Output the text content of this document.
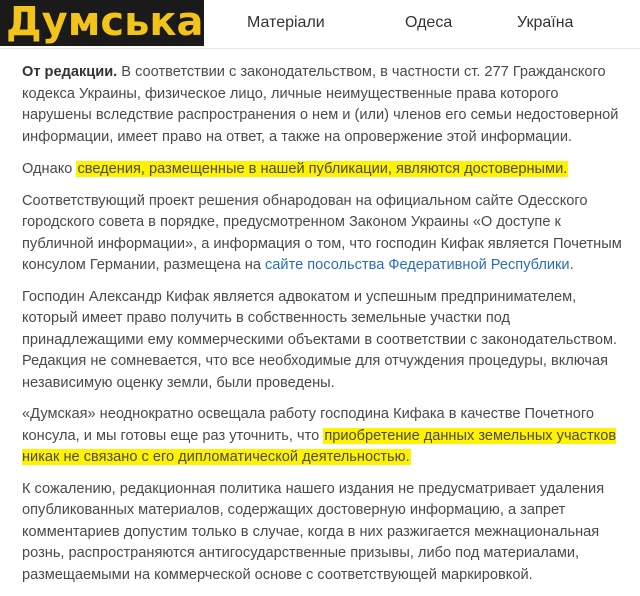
Думська	Матеріали	Одеса	Україна

От редакции. В соответствии с законодательством, в частности ст. 277 Гражданского кодекса Украины, физическое лицо, личные неимущественные права которого нарушены вследствие распространения о нем и (или) членов его семьи недостоверной информации, имеет право на ответ, а также на опровержение этой информации.

Однако сведения, размещенные в нашей публикации, являются достоверными.

Соответствующий проект решения обнародован на официальном сайте Одесского городского совета в порядке, предусмотренном Законом Украины «О доступе к публичной информации», а информация о том, что господин Кифак является Почетным консулом Германии, размещена на сайте посольства Федеративной Республики.

Господин Александр Кифак является адвокатом и успешным предпринимателем, который имеет право получить в собственность земельные участки под принадлежащими ему коммерческими объектами в соответствии с законодательством. Редакция не сомневается, что все необходимые для отчуждения процедуры, включая независимую оценку земли, были проведены.

«Думская» неоднократно освещала работу господина Кифака в качестве Почетного консула, и мы готовы еще раз уточнить, что приобретение данных земельных участков никак не связано с его дипломатической деятельностью.

К сожалению, редакционная политика нашего издания не предусматривает удаления опубликованных материалов, содержащих достоверную информацию, а запрет комментариев допустим только в случае, когда в них разжигается межнациональная рознь, распространяются антигосударственные призывы, либо под материалами, размещаемыми на коммерческой основе с соответствующей маркировкой.
